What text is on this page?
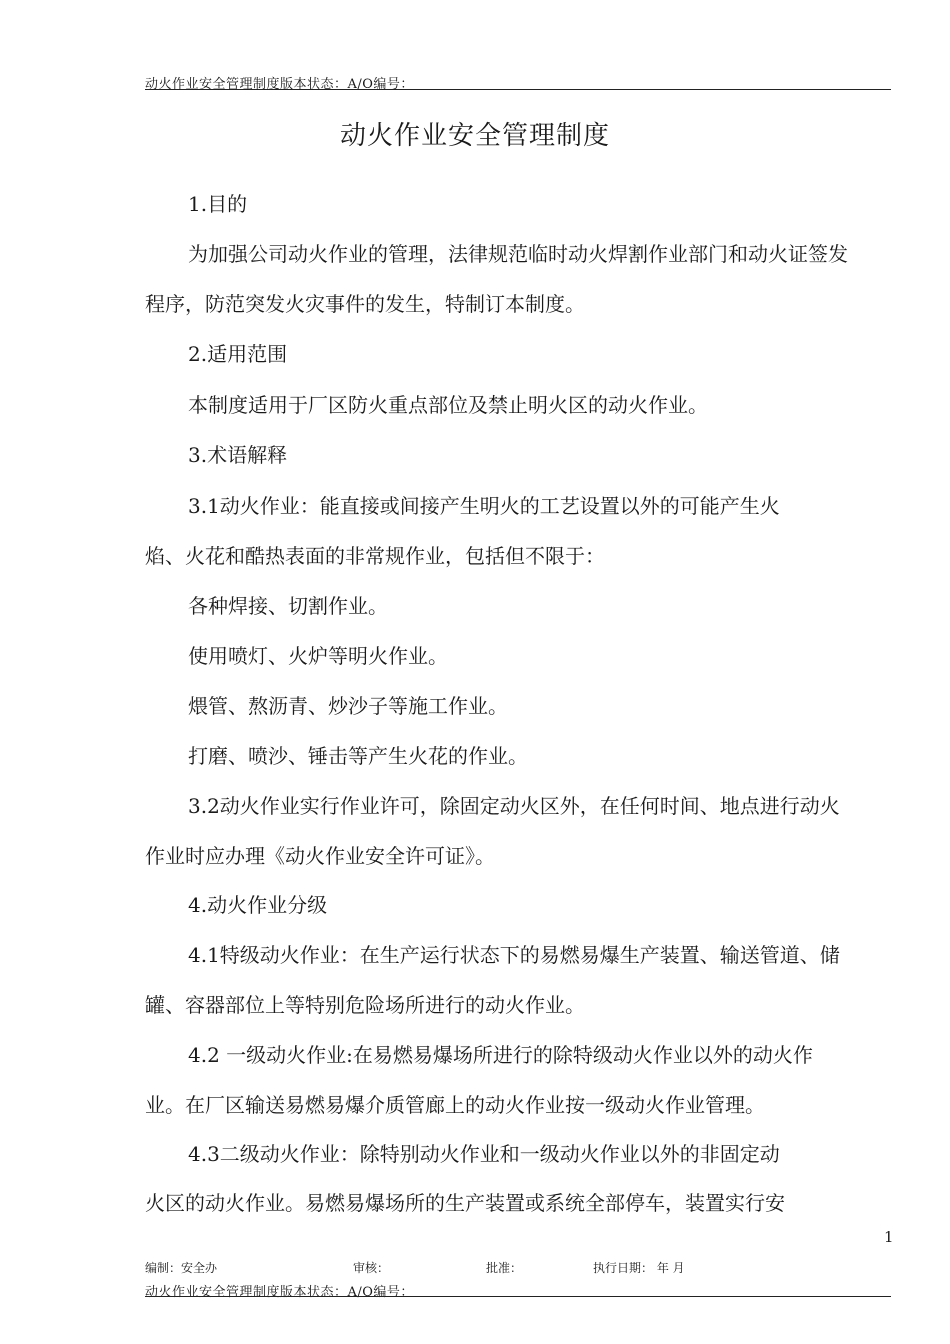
动火作业安全管理制度版本状态：A/O编号：
动火作业安全管理制度
1.目的
为加强公司动火作业的管理，法律规范临时动火焊割作业部门和动火证签发
程序，防范突发火灾事件的发生，特制订本制度。
2.适用范围
本制度适用于厂区防火重点部位及禁止明火区的动火作业。
3.术语解释
3.1动火作业：能直接或间接产生明火的工艺设置以外的可能产生火
焰、火花和酷热表面的非常规作业，包括但不限于：
各种焊接、切割作业。
使用喷灯、火炉等明火作业。
煨管、熬沥青、炒沙子等施工作业。
打磨、喷沙、锤击等产生火花的作业。
3.2动火作业实行作业许可，除固定动火区外，在任何时间、地点进行动火
作业时应办理《动火作业安全许可证》。
4.动火作业分级
4.1特级动火作业：在生产运行状态下的易燃易爆生产装置、输送管道、储
罐、容器部位上等特别危险场所进行的动火作业。
4.2 一级动火作业:在易燃易爆场所进行的除特级动火作业以外的动火作
业。在厂区输送易燃易爆介质管廊上的动火作业按一级动火作业管理。
4.3二级动火作业：除特别动火作业和一级动火作业以外的非固定动
火区的动火作业。易燃易爆场所的生产装置或系统全部停车，装置实行安
1
编制：安全办	审核：	批准：	执行日期： 年 月
动火作业安全管理制度版本状态：A/O编号：
